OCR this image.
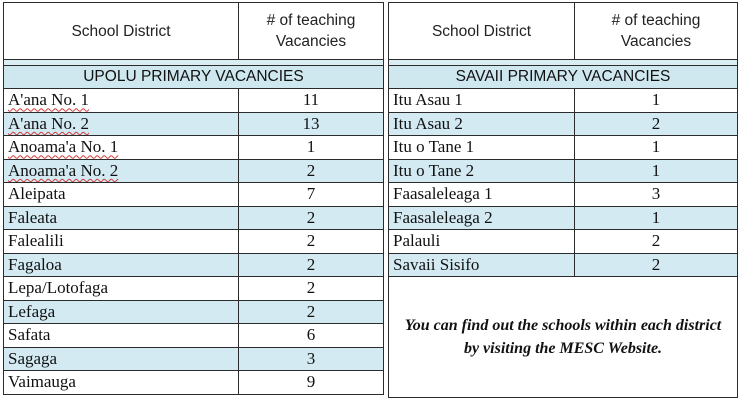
School District	# of teaching
Vacancies

UPOLU PRIMARY VACANCIES	
A'ana No. 1	11
A'ana No. 2	13
Anoama'a No. 1	1
Anoama'a No. 2	2
Aleipata	7
Faleata	2
Falealili	2
Fagaloa	2
Lepa/Lotofaga	2
Lefaga	2
Safata	6
Sagaga	3
Vaimauga	9
School District	# of teaching
Vacancies

SAVAII PRIMARY VACANCIES	
Itu Asau 1	1
Itu Asau 2	2
Itu o Tane 1	1
Itu o Tane 2	1
Faasaleleaga 1	3
Faasaleleaga 2	1
Palauli	2
Savaii Sisifo	2
You can find out the schools within each district by visiting the MESC Website.	
